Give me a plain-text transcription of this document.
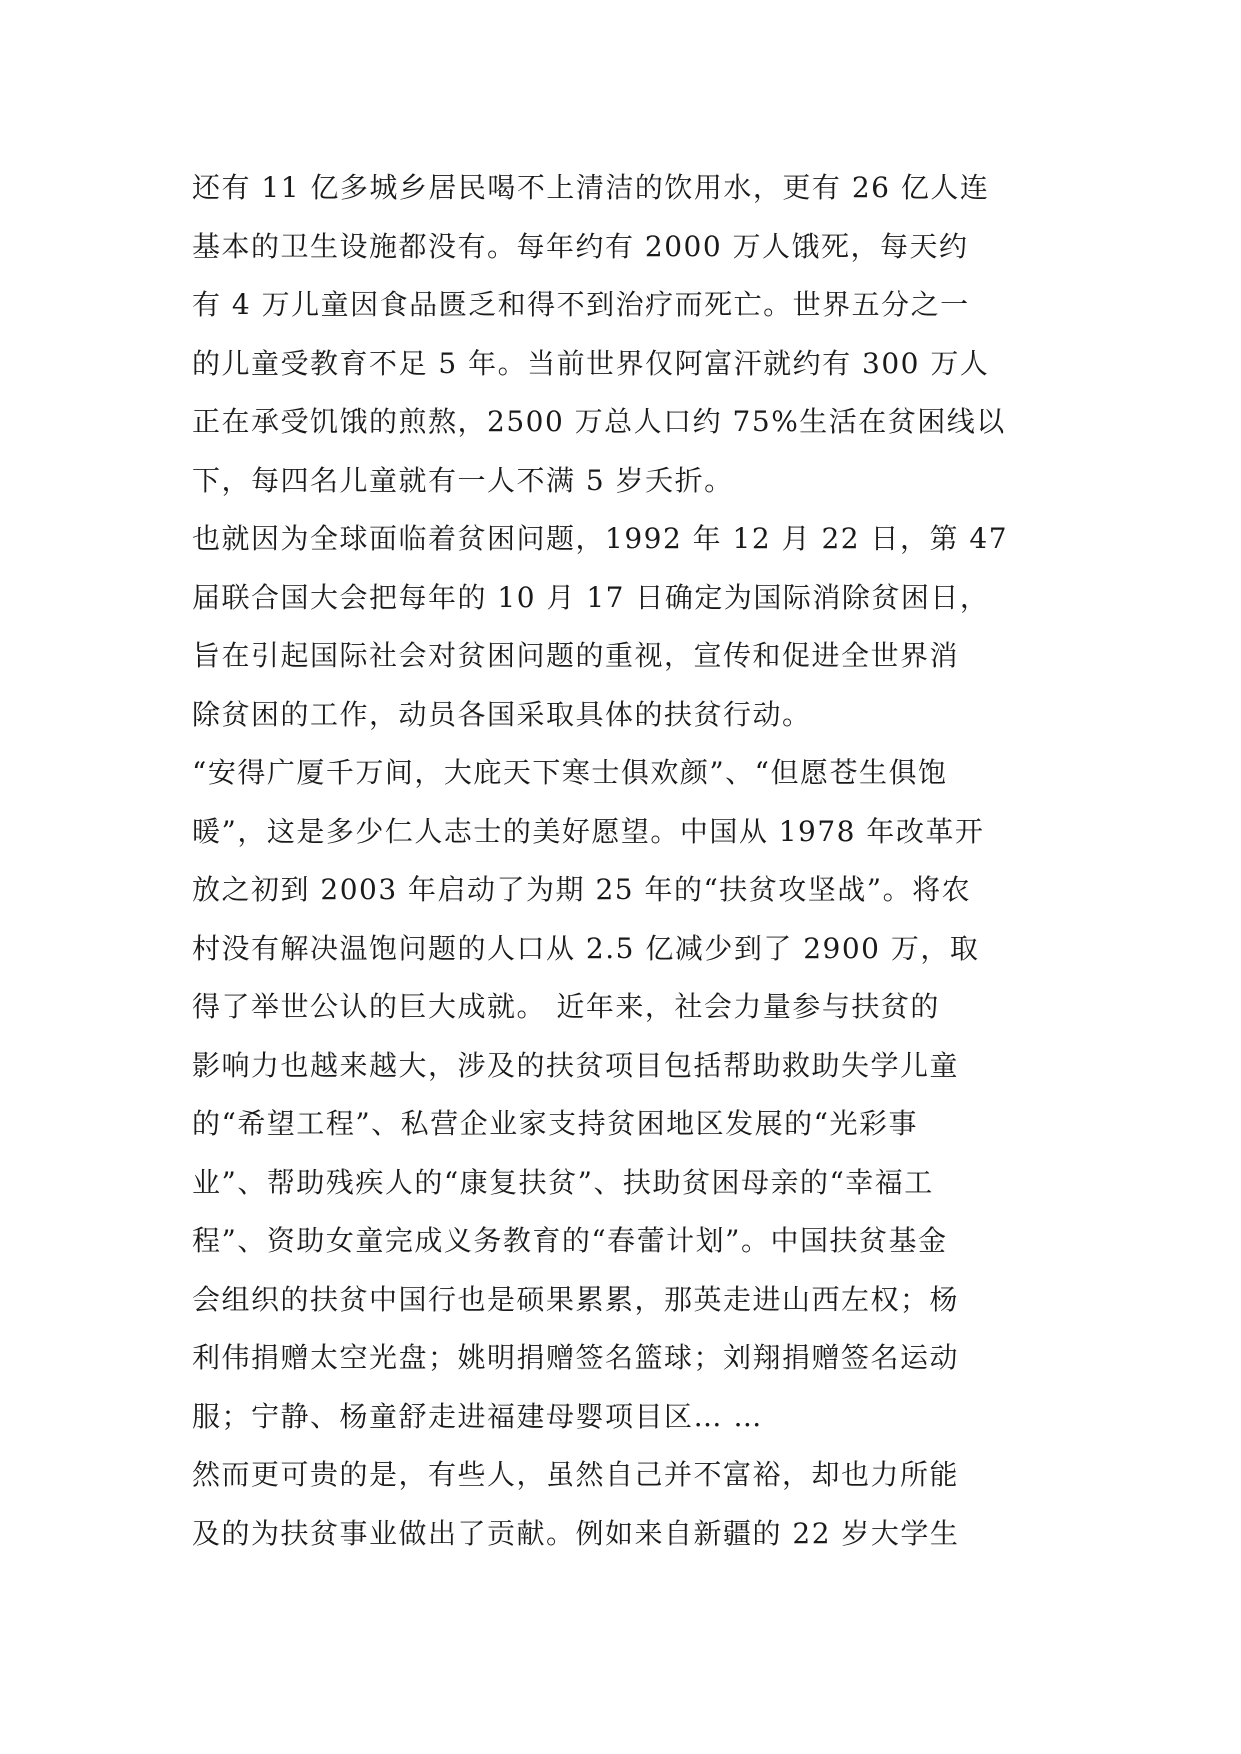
还有 11 亿多城乡居民喝不上清洁的饮用水，更有 26 亿人连
基本的卫生设施都没有。每年约有 2000 万人饿死，每天约
有 4 万儿童因食品匮乏和得不到治疗而死亡。世界五分之一
的儿童受教育不足 5 年。当前世界仅阿富汗就约有 300 万人
正在承受饥饿的煎熬，2500 万总人口约 75%生活在贫困线以
下，每四名儿童就有一人不满 5 岁夭折。
也就因为全球面临着贫困问题，1992 年 12 月 22 日，第 47
届联合国大会把每年的 10 月 17 日确定为国际消除贫困日，
旨在引起国际社会对贫困问题的重视，宣传和促进全世界消
除贫困的工作，动员各国采取具体的扶贫行动。
“安得广厦千万间，大庇天下寒士俱欢颜”、“但愿苍生俱饱
暖”，这是多少仁人志士的美好愿望。中国从 1978 年改革开
放之初到 2003 年启动了为期 25 年的“扶贫攻坚战”。将农
村没有解决温饱问题的人口从 2.5 亿减少到了 2900 万，取
得了举世公认的巨大成就。 近年来，社会力量参与扶贫的
影响力也越来越大，涉及的扶贫项目包括帮助救助失学儿童
的“希望工程”、私营企业家支持贫困地区发展的“光彩事
业”、帮助残疾人的“康复扶贫”、扶助贫困母亲的“幸福工
程”、资助女童完成义务教育的“春蕾计划”。中国扶贫基金
会组织的扶贫中国行也是硕果累累，那英走进山西左权；杨
利伟捐赠太空光盘；姚明捐赠签名篮球；刘翔捐赠签名运动
服；宁静、杨童舒走进福建母婴项目区… …
然而更可贵的是，有些人，虽然自己并不富裕，却也力所能
及的为扶贫事业做出了贡献。例如来自新疆的 22 岁大学生
